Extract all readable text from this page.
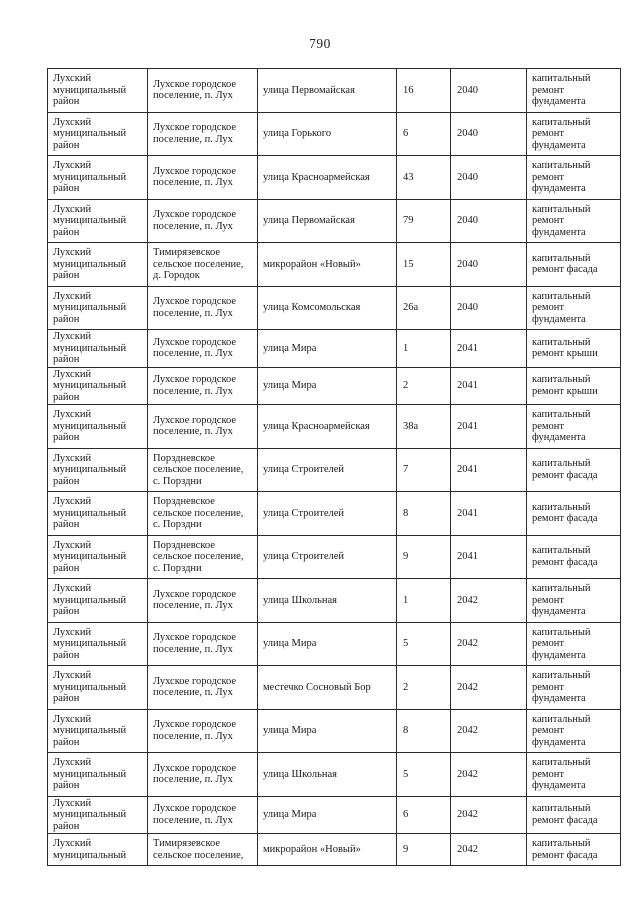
790
Лухский муниципальный район	Лухское городское поселение, п. Лух	улица Первомайская	16	2040	капитальный ремонт фундамента
Лухский муниципальный район	Лухское городское поселение, п. Лух	улица Горького	6	2040	капитальный ремонт фундамента
Лухский муниципальный район	Лухское городское поселение, п. Лух	улица Красноармейская	43	2040	капитальный ремонт фундамента
Лухский муниципальный район	Лухское городское поселение, п. Лух	улица Первомайская	79	2040	капитальный ремонт фундамента
Лухский муниципальный район	Тимирязевское сельское поселение, д. Городок	микрорайон «Новый»	15	2040	капитальный ремонт фасада
Лухский муниципальный район	Лухское городское поселение, п. Лух	улица Комсомольская	26а	2040	капитальный ремонт фундамента
Лухский муниципальный район	Лухское городское поселение, п. Лух	улица Мира	1	2041	капитальный ремонт крыши
Лухский муниципальный район	Лухское городское поселение, п. Лух	улица Мира	2	2041	капитальный ремонт крыши
Лухский муниципальный район	Лухское городское поселение, п. Лух	улица Красноармейская	38а	2041	капитальный ремонт фундамента
Лухский муниципальный район	Порздневское сельское поселение, с. Порздни	улица Строителей	7	2041	капитальный ремонт фасада
Лухский муниципальный район	Порздневское сельское поселение, с. Порздни	улица Строителей	8	2041	капитальный ремонт фасада
Лухский муниципальный район	Порздневское сельское поселение, с. Порздни	улица Строителей	9	2041	капитальный ремонт фасада
Лухский муниципальный район	Лухское городское поселение, п. Лух	улица Школьная	1	2042	капитальный ремонт фундамента
Лухский муниципальный район	Лухское городское поселение, п. Лух	улица Мира	5	2042	капитальный ремонт фундамента
Лухский муниципальный район	Лухское городское поселение, п. Лух	местечко Сосновый Бор	2	2042	капитальный ремонт фундамента
Лухский муниципальный район	Лухское городское поселение, п. Лух	улица Мира	8	2042	капитальный ремонт фундамента
Лухский муниципальный район	Лухское городское поселение, п. Лух	улица Школьная	5	2042	капитальный ремонт фундамента
Лухский муниципальный район	Лухское городское поселение, п. Лух	улица Мира	6	2042	капитальный ремонт фасада
Лухский муниципальный	Тимирязевское сельское поселение,	микрорайон «Новый»	9	2042	капитальный ремонт фасада
